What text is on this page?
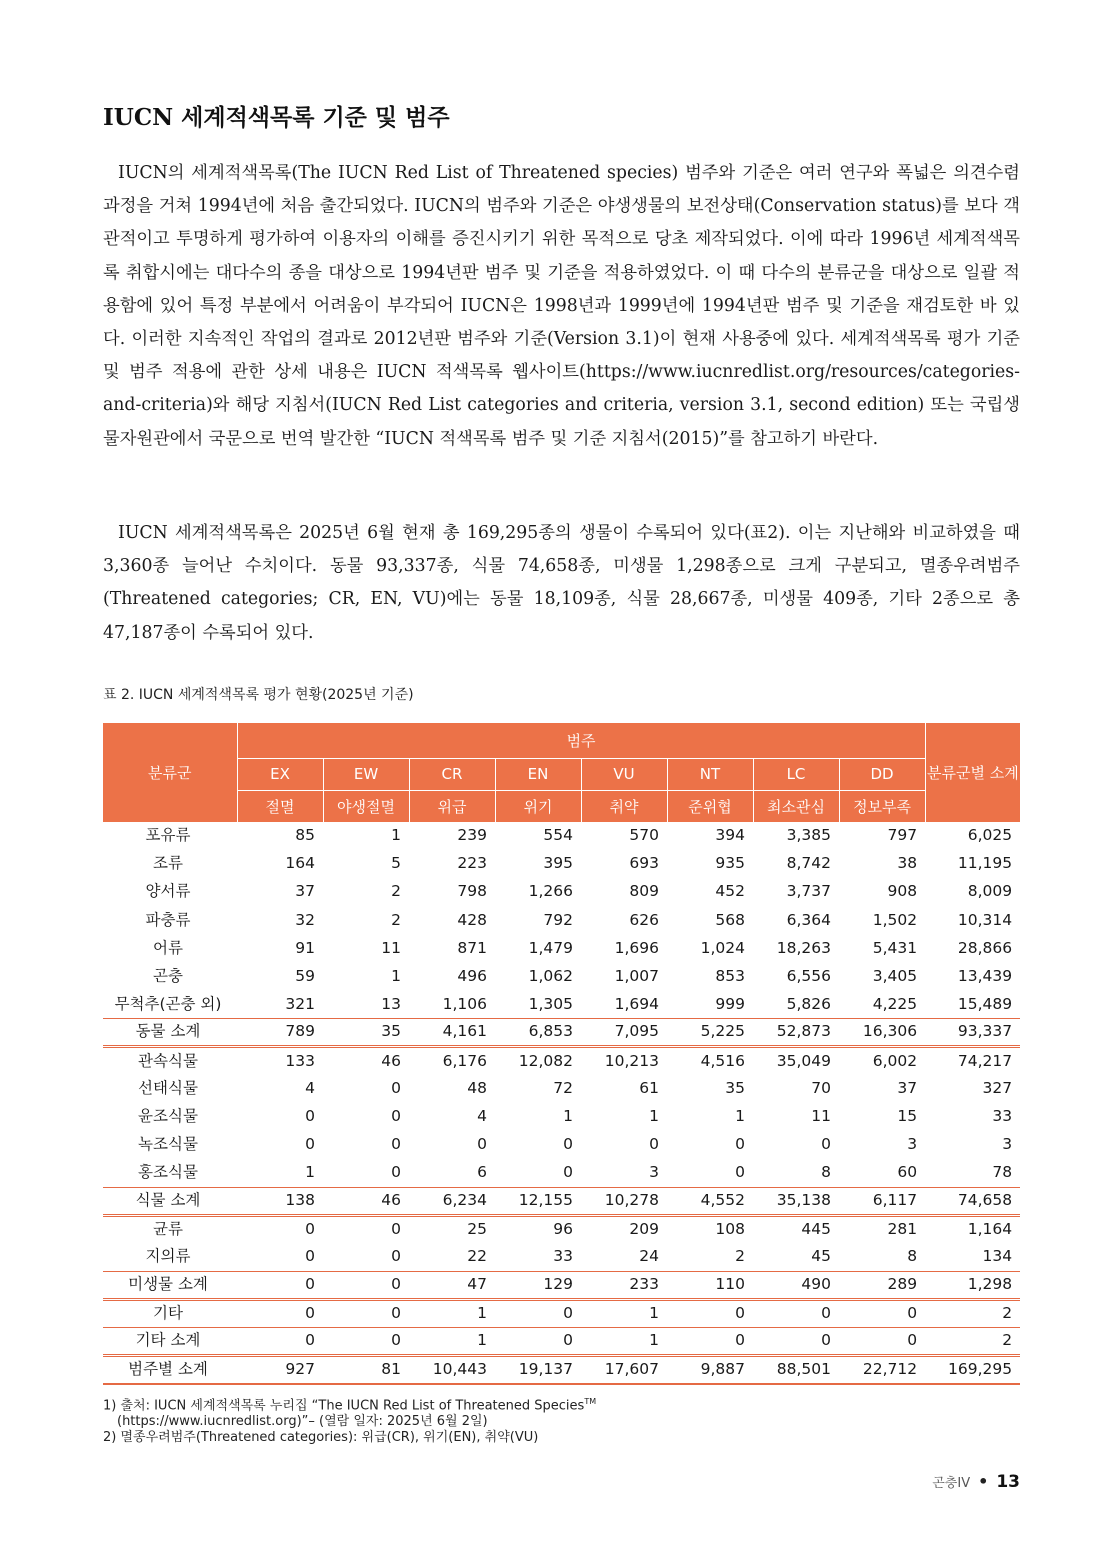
IUCN 세계적색목록 기준 및 범주

IUCN의 세계적색목록(The IUCN Red List of Threatened species) 범주와 기준은 여러 연구와 폭넓은 의견수렴 과정을 거쳐 1994년에 처음 출간되었다. IUCN의 범주와 기준은 야생생물의 보전상태(Conservation status)를 보다 객관적이고 투명하게 평가하여 이용자의 이해를 증진시키기 위한 목적으로 당초 제작되었다. 이에 따라 1996년 세계적색목록 취합시에는 대다수의 종을 대상으로 1994년판 범주 및 기준을 적용하였었다. 이 때 다수의 분류군을 대상으로 일괄 적용함에 있어 특정 부분에서 어려움이 부각되어 IUCN은 1998년과 1999년에 1994년판 범주 및 기준을 재검토한 바 있다. 이러한 지속적인 작업의 결과로 2012년판 범주와 기준(Version 3.1)이 현재 사용중에 있다. 세계적색목록 평가 기준 및 범주 적용에 관한 상세 내용은 IUCN 적색목록 웹사이트(https://www.iucnredlist.org/resources/categories-and-criteria)와 해당 지침서(IUCN Red List categories and criteria, version 3.1, second edition) 또는 국립생물자원관에서 국문으로 번역 발간한 “IUCN 적색목록 범주 및 기준 지침서(2015)”를 참고하기 바란다.

IUCN 세계적색목록은 2025년 6월 현재 총 169,295종의 생물이 수록되어 있다(표2). 이는 지난해와 비교하였을 때 3,360종 늘어난 수치이다. 동물 93,337종, 식물 74,658종, 미생물 1,298종으로 크게 구분되고, 멸종우려범주(Threatened categories; CR, EN, VU)에는 동물 18,109종, 식물 28,667종, 미생물 409종, 기타 2종으로 총 47,187종이 수록되어 있다.

표 2. IUCN 세계적색목록 평가 현황(2025년 기준)
분류군	범주								분류군별 소계
	EX	EW	CR	EN	VU	NT	LC	DD	
	절멸	야생절멸	위급	위기	취약	준위협	최소관심	정보부족	
포유류	85	1	239	554	570	394	3,385	797	6,025
조류	164	5	223	395	693	935	8,742	38	11,195
양서류	37	2	798	1,266	809	452	3,737	908	8,009
파충류	32	2	428	792	626	568	6,364	1,502	10,314
어류	91	11	871	1,479	1,696	1,024	18,263	5,431	28,866
곤충	59	1	496	1,062	1,007	853	6,556	3,405	13,439
무척추(곤충 외)	321	13	1,106	1,305	1,694	999	5,826	4,225	15,489
동물 소계	789	35	4,161	6,853	7,095	5,225	52,873	16,306	93,337
관속식물	133	46	6,176	12,082	10,213	4,516	35,049	6,002	74,217
선태식물	4	0	48	72	61	35	70	37	327
윤조식물	0	0	4	1	1	1	11	15	33
녹조식물	0	0	0	0	0	0	0	3	3
홍조식물	1	0	6	0	3	0	8	60	78
식물 소계	138	46	6,234	12,155	10,278	4,552	35,138	6,117	74,658
균류	0	0	25	96	209	108	445	281	1,164
지의류	0	0	22	33	24	2	45	8	134
미생물 소계	0	0	47	129	233	110	490	289	1,298
기타	0	0	1	0	1	0	0	0	2
기타 소계	0	0	1	0	1	0	0	0	2
범주별 소계	927	81	10,443	19,137	17,607	9,887	88,501	22,712	169,295
1) 출처: IUCN 세계적색목록 누리집 “The IUCN Red List of Threatened Species™
(https://www.iucnredlist.org)”– (열람 일자: 2025년 6월 2일)
2) 멸종우려범주(Threatened categories): 위급(CR), 위기(EN), 취약(VU)
곤충IV • 13
